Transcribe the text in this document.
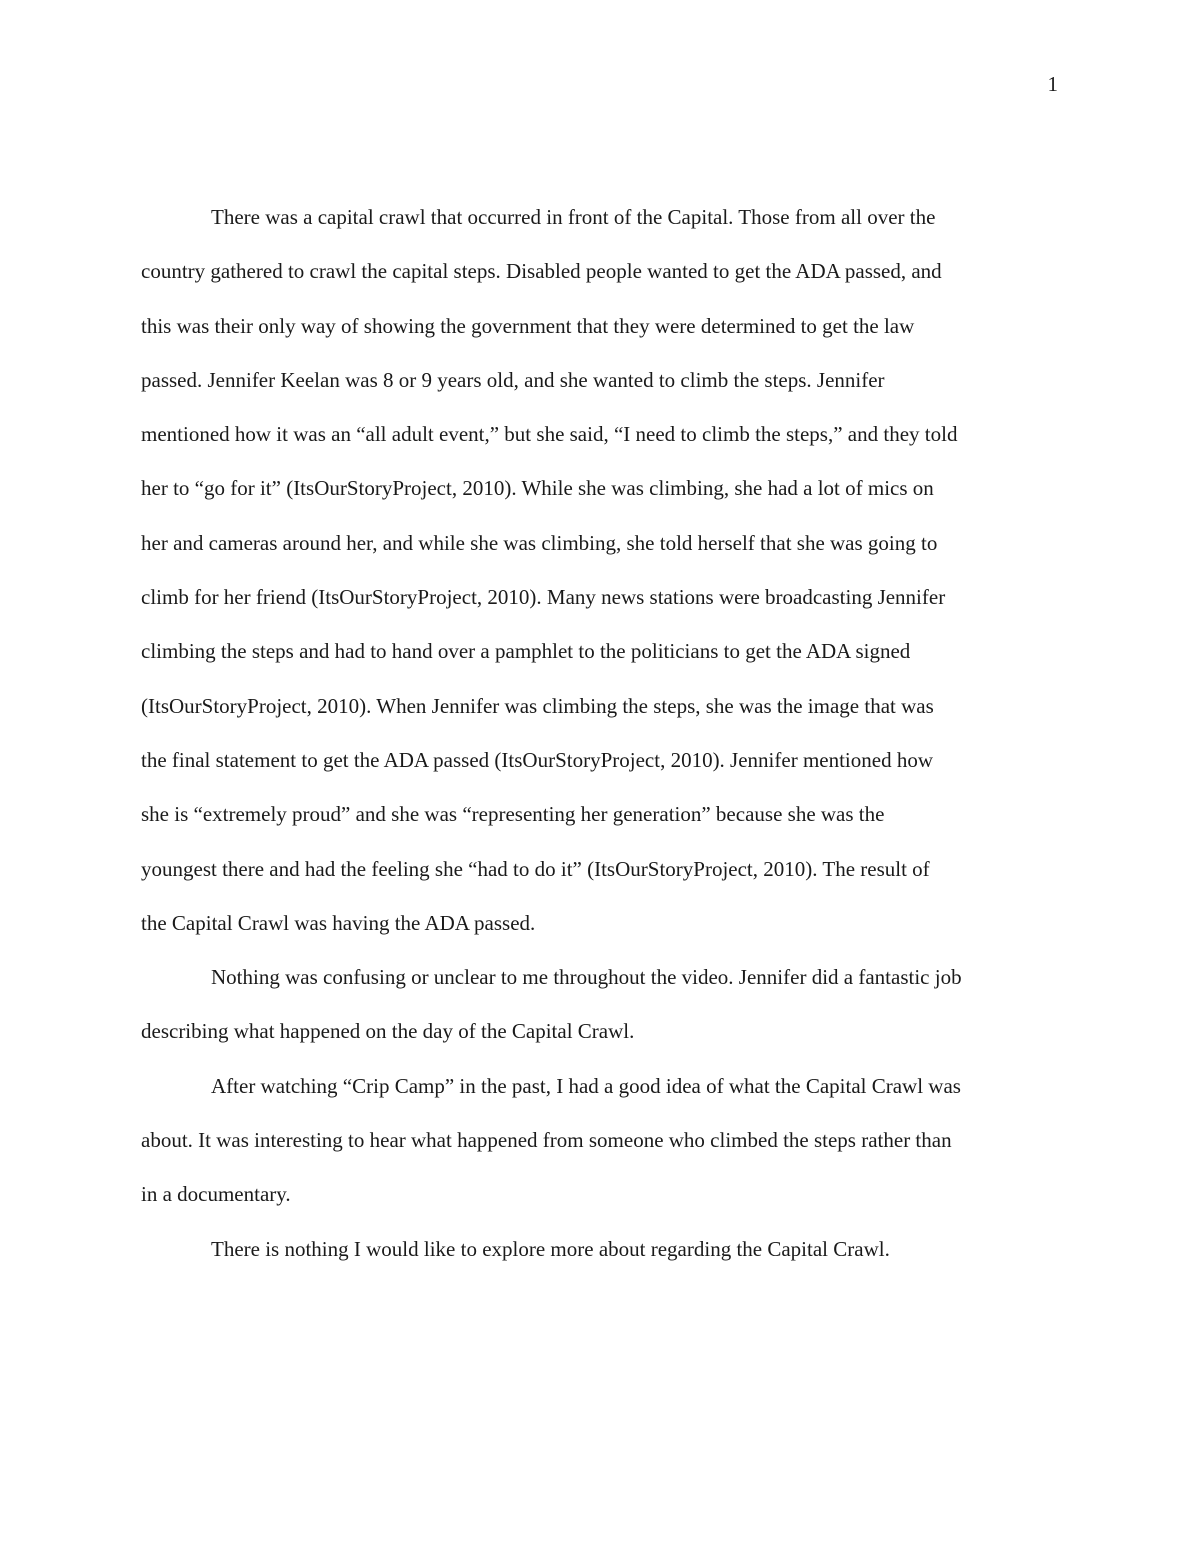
1
There was a capital crawl that occurred in front of the Capital. Those from all over the
country gathered to crawl the capital steps. Disabled people wanted to get the ADA passed, and
this was their only way of showing the government that they were determined to get the law
passed. Jennifer Keelan was 8 or 9 years old, and she wanted to climb the steps. Jennifer
mentioned how it was an “all adult event,” but she said, “I need to climb the steps,” and they told
her to “go for it” (ItsOurStoryProject, 2010). While she was climbing, she had a lot of mics on
her and cameras around her, and while she was climbing, she told herself that she was going to
climb for her friend (ItsOurStoryProject, 2010). Many news stations were broadcasting Jennifer
climbing the steps and had to hand over a pamphlet to the politicians to get the ADA signed
(ItsOurStoryProject, 2010). When Jennifer was climbing the steps, she was the image that was
the final statement to get the ADA passed (ItsOurStoryProject, 2010). Jennifer mentioned how
she is “extremely proud” and she was “representing her generation” because she was the
youngest there and had the feeling she “had to do it” (ItsOurStoryProject, 2010). The result of
the Capital Crawl was having the ADA passed.
Nothing was confusing or unclear to me throughout the video. Jennifer did a fantastic job
describing what happened on the day of the Capital Crawl.
After watching “Crip Camp” in the past, I had a good idea of what the Capital Crawl was
about. It was interesting to hear what happened from someone who climbed the steps rather than
in a documentary.
There is nothing I would like to explore more about regarding the Capital Crawl.
